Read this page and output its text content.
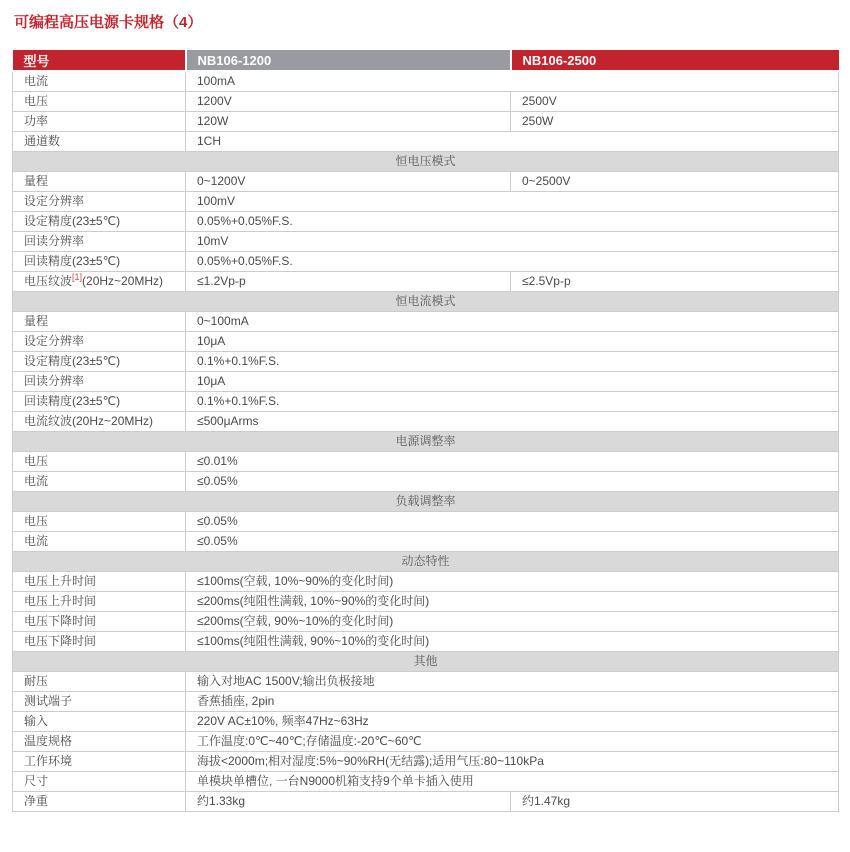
可编程高压电源卡规格（4）
型号	NB106-1200	NB106-2500
电流	100mA	
电压	1200V	2500V
功率	120W	250W
通道数	1CH	
恒电压模式		
量程	0~1200V	0~2500V
设定分辨率	100mV	
设定精度(23±5℃)	0.05%+0.05%F.S.	
回读分辨率	10mV	
回读精度(23±5℃)	0.05%+0.05%F.S.	
电压纹波[1](20Hz~20MHz)	≤1.2Vp-p	≤2.5Vp-p
恒电流模式		
量程	0~100mA	
设定分辨率	10μA	
设定精度(23±5℃)	0.1%+0.1%F.S.	
回读分辨率	10μA	
回读精度(23±5℃)	0.1%+0.1%F.S.	
电流纹波(20Hz~20MHz)	≤500μArms	
电源调整率		
电压	≤0.01%	
电流	≤0.05%	
负载调整率		
电压	≤0.05%	
电流	≤0.05%	
动态特性		
电压上升时间	≤100ms(空载, 10%~90%的变化时间)	
电压上升时间	≤200ms(纯阻性满载, 10%~90%的变化时间)	
电压下降时间	≤200ms(空载, 90%~10%的变化时间)	
电压下降时间	≤100ms(纯阻性满载, 90%~10%的变化时间)	
其他		
耐压	输入对地AC 1500V;输出负极接地	
测试端子	香蕉插座, 2pin	
输入	220V AC±10%, 频率47Hz~63Hz	
温度规格	工作温度:0℃~40℃;存储温度:-20℃~60℃	
工作环境	海拔<2000m;相对湿度:5%~90%RH(无结露);适用气压:80~110kPa	
尺寸	单模块单槽位, 一台N9000机箱支持9个单卡插入使用	
净重	约1.33kg	约1.47kg
